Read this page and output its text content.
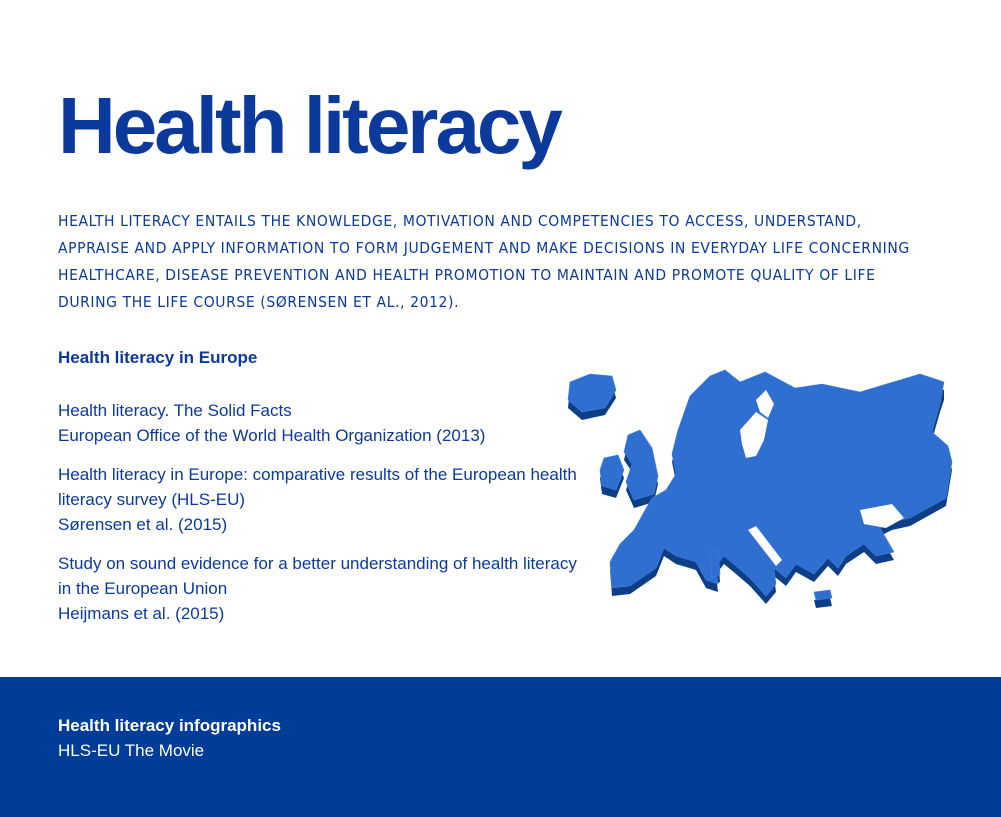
Health literacy

HEALTH LITERACY ENTAILS THE KNOWLEDGE, MOTIVATION AND COMPETENCIES TO ACCESS, UNDERSTAND, APPRAISE AND APPLY INFORMATION TO FORM JUDGEMENT AND MAKE DECISIONS IN EVERYDAY LIFE CONCERNING HEALTHCARE, DISEASE PREVENTION AND HEALTH PROMOTION TO MAINTAIN AND PROMOTE QUALITY OF LIFE DURING THE LIFE COURSE (SØRENSEN ET AL., 2012).

Health literacy in Europe
Health literacy. The Solid Facts
European Office of the World Health Organization (2013)
Health literacy in Europe: comparative results of the European health literacy survey (HLS-EU)
Sørensen et al. (2015)
Study on sound evidence for a better understanding of health literacy in the European Union
Heijmans et al. (2015)
Health literacy infographics
HLS-EU The Movie
